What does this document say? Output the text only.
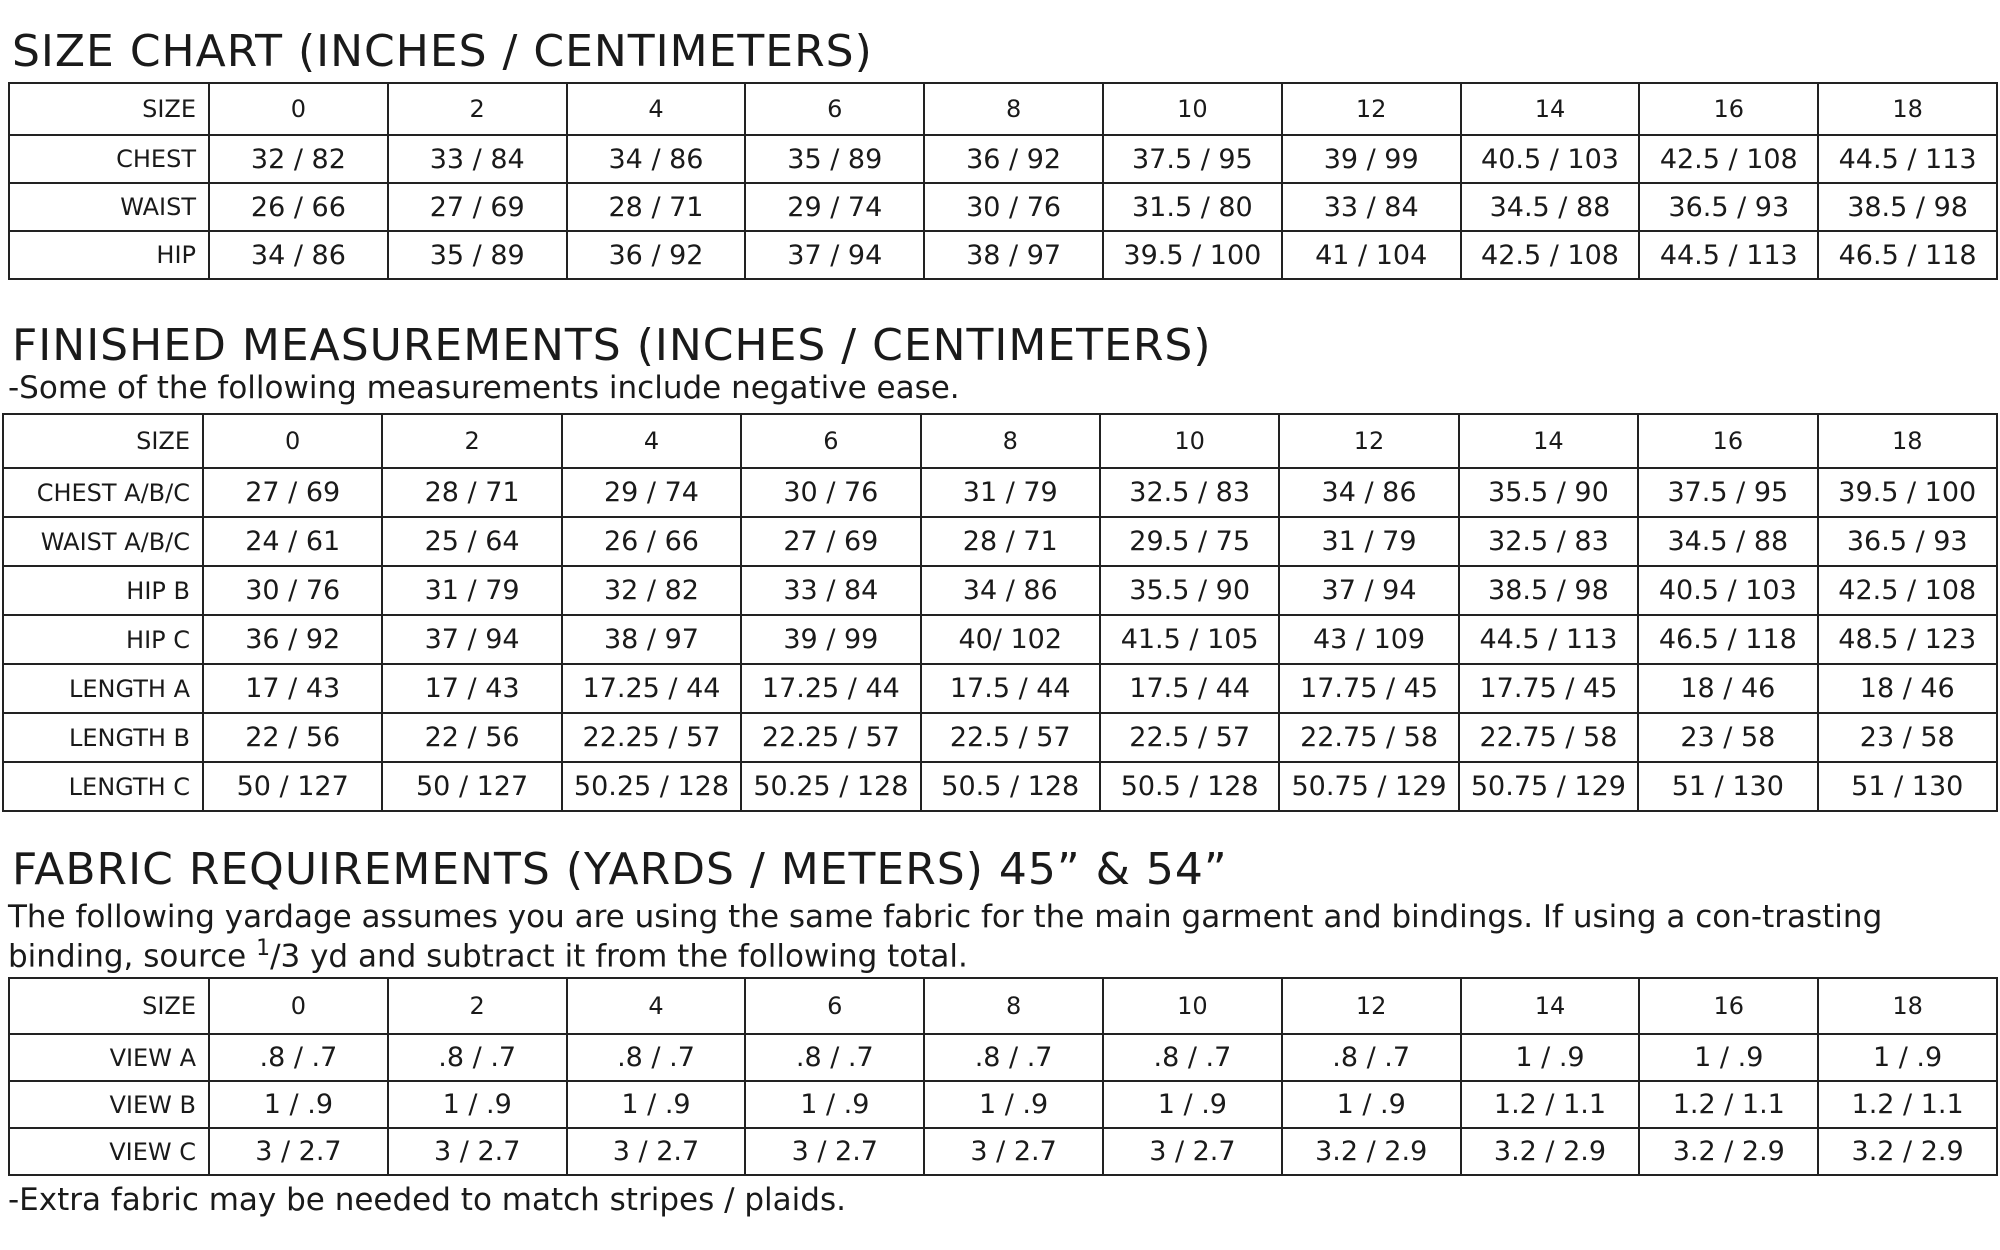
SIZE CHART (INCHES / CENTIMETERS)
SIZE	0	2	4	6	8	10	12	14	16	18
CHEST	32 / 82	33 / 84	34 / 86	35 / 89	36 / 92	37.5 / 95	39 / 99	40.5 / 103	42.5 / 108	44.5 / 113
WAIST	26 / 66	27 / 69	28 / 71	29 / 74	30 / 76	31.5 / 80	33 / 84	34.5 / 88	36.5 / 93	38.5 / 98
HIP	34 / 86	35 / 89	36 / 92	37 / 94	38 / 97	39.5 / 100	41 / 104	42.5 / 108	44.5 / 113	46.5 / 118
FINISHED MEASUREMENTS (INCHES / CENTIMETERS)

-Some of the following measurements include negative ease.

SIZE	0	2	4	6	8	10	12	14	16	18
CHEST A/B/C	27 / 69	28 / 71	29 / 74	30 / 76	31 / 79	32.5 / 83	34 / 86	35.5 / 90	37.5 / 95	39.5 / 100
WAIST A/B/C	24 / 61	25 / 64	26 / 66	27 / 69	28 / 71	29.5 / 75	31 / 79	32.5 / 83	34.5 / 88	36.5 / 93
HIP B	30 / 76	31 / 79	32 / 82	33 / 84	34 / 86	35.5 / 90	37 / 94	38.5 / 98	40.5 / 103	42.5 / 108
HIP C	36 / 92	37 / 94	38 / 97	39 / 99	40/ 102	41.5 / 105	43 / 109	44.5 / 113	46.5 / 118	48.5 / 123
LENGTH A	17 / 43	17 / 43	17.25 / 44	17.25 / 44	17.5 / 44	17.5 / 44	17.75 / 45	17.75 / 45	18 / 46	18 / 46
LENGTH B	22 / 56	22 / 56	22.25 / 57	22.25 / 57	22.5 / 57	22.5 / 57	22.75 / 58	22.75 / 58	23 / 58	23 / 58
LENGTH C	50 / 127	50 / 127	50.25 / 128	50.25 / 128	50.5 / 128	50.5 / 128	50.75 / 129	50.75 / 129	51 / 130	51 / 130
FABRIC REQUIREMENTS (YARDS / METERS) 45” & 54”

The following yardage assumes you are using the same fabric for the main garment and bindings. If using a con-trasting binding, source $^1$/3 yd and subtract it from the following total.

SIZE	0	2	4	6	8	10	12	14	16	18
VIEW A	.8 / .7	.8 / .7	.8 / .7	.8 / .7	.8 / .7	.8 / .7	.8 / .7	1 / .9	1 / .9	1 / .9
VIEW B	1 / .9	1 / .9	1 / .9	1 / .9	1 / .9	1 / .9	1 / .9	1.2 / 1.1	1.2 / 1.1	1.2 / 1.1
VIEW C	3 / 2.7	3 / 2.7	3 / 2.7	3 / 2.7	3 / 2.7	3 / 2.7	3.2 / 2.9	3.2 / 2.9	3.2 / 2.9	3.2 / 2.9

-Extra fabric may be needed to match stripes / plaids.
